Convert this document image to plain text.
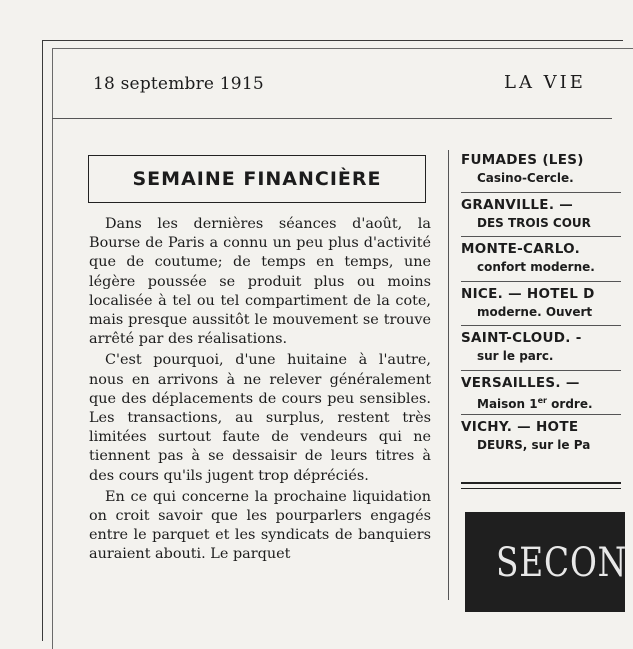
18 septembre 1915	LA VIE
SEMAINE FINANCIÈRE

Dans les dernières séances d'août, la Bourse de Paris a connu un peu plus d'activité que de coutume; de temps en temps, une légère poussée se produit plus ou moins localisée à tel ou tel compartiment de la cote, mais presque aussitôt le mouvement se trouve arrêté par des réalisations.

C'est pourquoi, d'une huitaine à l'autre, nous en arrivons à ne relever généralement que des déplacements de cours peu sensibles. Les transactions, au surplus, restent très limitées surtout faute de vendeurs qui ne tiennent pas à se dessaisir de leurs titres à des cours qu'ils jugent trop dépréciés.

En ce qui concerne la prochaine liquidation on croit savoir que les pourparlers engagés entre le parquet et les syndicats de banquiers auraient abouti. Le parquet

FUMADES (LES)
Casino-Cercle.
GRANVILLE. —
DES TROIS COUR
MONTE-CARLO.
confort moderne.
NICE. — HOTEL D
moderne. Ouvert
SAINT-CLOUD. -
sur le parc.
VERSAILLES. —
Maison 1er ordre.
VICHY. — HOTE
DEURS, sur le Pa
SECON
